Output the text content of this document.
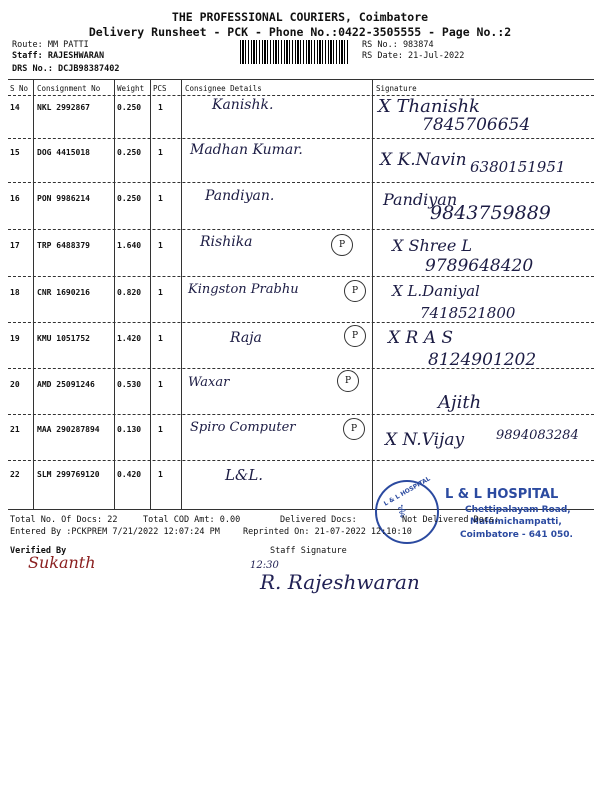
THE PROFESSIONAL COURIERS, Coimbatore
Delivery Runsheet - PCK - Phone No.:0422-3505555 - Page No.:2
Route: MM PATTI
Staff: RAJESHWARAN
DRS No.: DCJB98387402
RS No.: 983874
RS Date: 21-Jul-2022
S No Consignment No Weight PCS Consignee Details	Signature
14 NKL 2992867	0.250 1	Kanishk.	X Thanishk
7845706654
15 DOG 4415018	0.250 1 Madhan Kumar.	X K.Navin 6380151951
16 PON 9986214	0.250 1	Pandiyan.	Pandiyan
9843759889
17 TRP 6488379	1.640 1	Rishika	P	X Shree L
9789648420
18 CNR 1690216	0.820 1 Kingston Prabhu	P	X L.Daniyal
7418521800
19 KMU 1051752	1.420 1	Raja	P	X R A S
8124901202
20 AMD 25091246	0.530 1 Waxar	P
Ajith
21 MAA 290287894 0.130 1 Spiro Computer	P
X N.Vijay 9894083284
22 SLM 299769120 0.420 1	L&L.
L & L HOSPITAL
⚕
L & L HOSPITAL
Chettipalayam Road,
Malumichampatti,
Coimbatore - 641 050.
Total No. Of Docs: 22	Total COD Amt: 0.00	Delivered Docs:	Not Delivered Docs:
Entered By :PCKPREM 7/21/2022 12:07:24 PM	Reprinted On: 21-07-2022 12:10:10
Verified By	Staff Signature
Sukanth	12:30
R. Rajeshwaran
